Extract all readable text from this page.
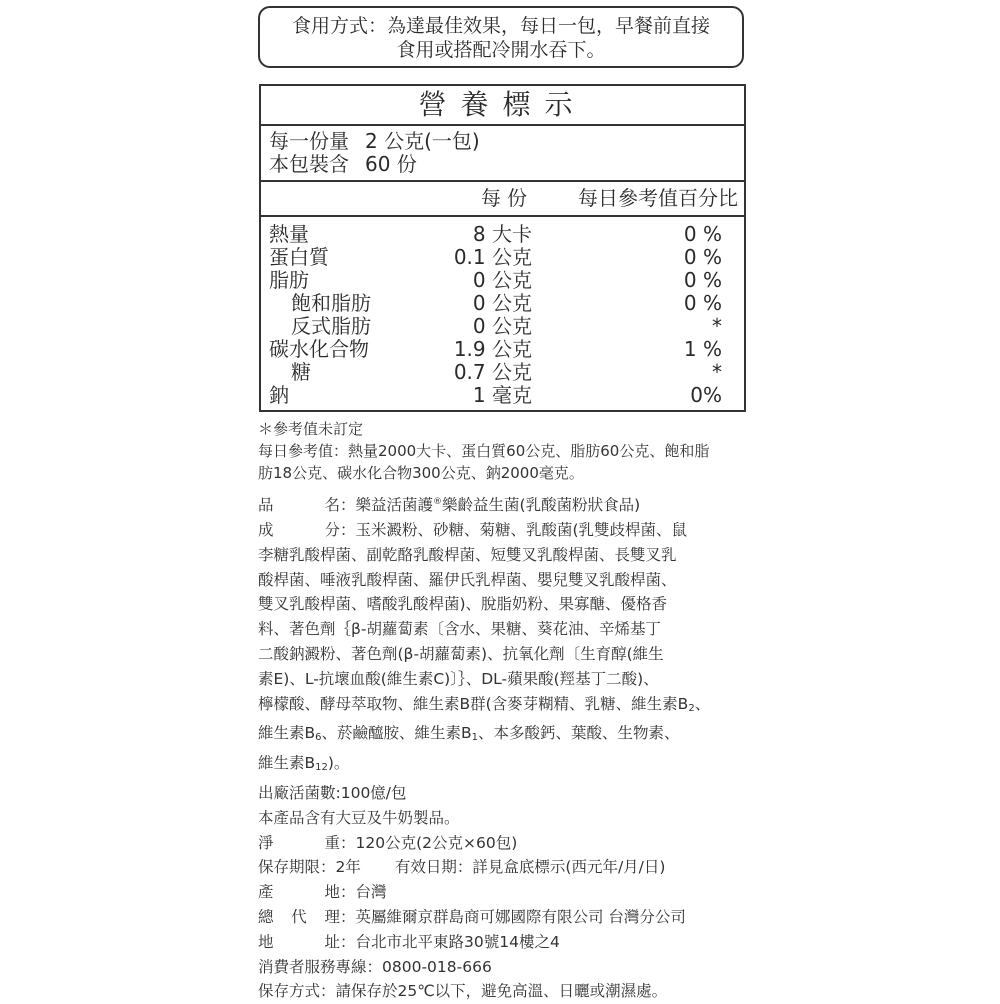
食用方式：為達最佳效果，每日一包，早餐前直接
食用或搭配冷開水吞下。
營養標示
每一份量 2 公克(一包)
本包裝含 60 份
每份 每日參考值百分比
熱量	8 大卡	0 %
蛋白質	0.1 公克	0 %
脂肪	0 公克	0 %
飽和脂肪	0 公克	0 %
反式脂肪	0 公克	*
碳水化合物	1.9 公克	1 %
糖	0.7 公克	*
鈉	1 毫克	0%
＊參考值未訂定
每日參考值：熱量2000大卡、蛋白質60公克、脂肪60公克、飽和脂
肪18公克、碳水化合物300公克、鈉2000毫克。

品	名 ：樂益活菌護®樂齡益生菌(乳酸菌粉狀食品)

成	分 ：玉米澱粉、砂糖、菊糖、乳酸菌(乳雙歧桿菌、鼠

李糖乳酸桿菌、副乾酪乳酸桿菌、短雙叉乳酸桿菌、長雙叉乳

酸桿菌、唾液乳酸桿菌、羅伊氏乳桿菌、嬰兒雙叉乳酸桿菌、

雙叉乳酸桿菌、嗜酸乳酸桿菌)、脫脂奶粉、果寡醣、優格香

料、著色劑｛β-胡蘿蔔素〔含水、果糖、葵花油、辛烯基丁

二酸鈉澱粉、著色劑(β-胡蘿蔔素)、抗氧化劑〔生育醇(維生

素E)、L-抗壞血酸(維生素C)〕｝、DL-蘋果酸(羥基丁二酸)、

檸檬酸、酵母萃取物、維生素B群(含麥芽糊精、乳糖、維生素$B_2$、

維生素$B_6$、菸鹼醯胺、維生素$B_1$、本多酸鈣、葉酸、生物素、

維生素$B_{12}$)。

出廠活菌數:100億/包

本產品含有大豆及牛奶製品。

淨	重 ：120公克(2公克×60包)

保存期限：2年 有效日期：詳見盒底標示(西元年/月/日)

產	地 ：台灣

總 代 理 ：英屬維爾京群島商可娜國際有限公司 台灣分公司

地	址 ：台北市北平東路30號14樓之4

消費者服務專線：0800-018-666

保存方式：請保存於25℃以下，避免高溫、日曬或潮濕處。
